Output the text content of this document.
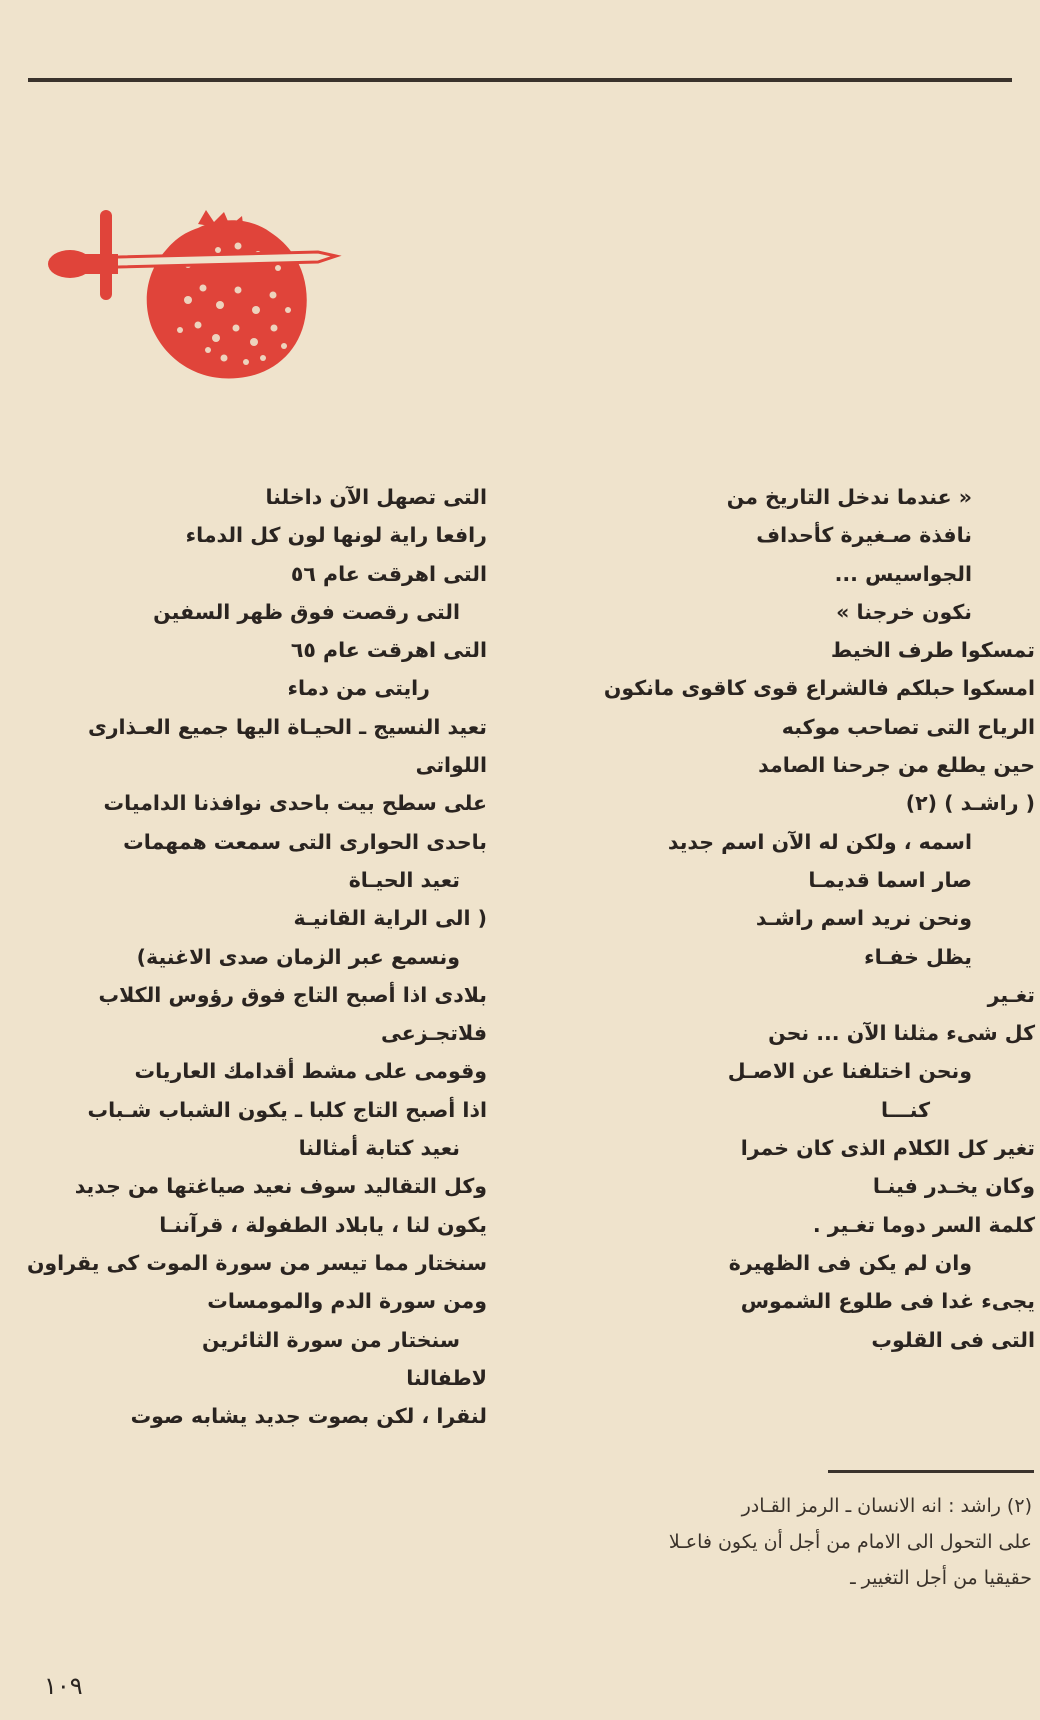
« عندما ندخل التاريخ من
نافذة صـغيرة كأحداف
الجواسيس ...
نكون خرجنا »
تمسكوا طرف الخيط
امسكوا حبلكم فالشراع قوى كاقوى مانكون
الرياح التى تصاحب موكبه
حين يطلع من جرحنا الصامد
( راشـد ) (٢)
اسمه ، ولكن له الآن اسم جديد
صار اسما قديمـا
ونحن نريد اسم راشـد
يظل خفـاء
تغـير
كل شىء مثلنا الآن ... نحن
ونحن اختلفنا عن الاصـل
كنـــا
تغير كل الكلام الذى كان خمرا
وكان يخـدر فينـا
كلمة السر دوما تغـير .
وان لم يكن فى الظهيرة
يجىء غدا فى طلوع الشموس
التى فى القلوب
التى تصهل الآن داخلنا
رافعا راية لونها لون كل الدماء
التى اهرقت عام ٥٦
التى رقصت فوق ظهر السفين
التى اهرقت عام ٦٥
رايتى من دماء
تعيد النسيج ـ الحيـاة اليها جميع العـذارى
اللواتى
على سطح بيت باحدى نوافذنا الداميات
باحدى الحوارى التى سمعت همهمات
تعيد الحيـاة
( الى الراية القانيـة
ونسمع عبر الزمان صدى الاغنية)
بلادى اذا أصبح التاج فوق رؤوس الكلاب
فلاتجـزعى
وقومى على مشط أقدامك العاريات
اذا أصبح التاج كلبا ـ يكون الشباب شـباب
نعيد كتابة أمثالنا
وكل التقاليد سوف نعيد صياغتها من جديد
يكون لنا ، يابلاد الطفولة ، قرآننـا
سنختار مما تيسر من سورة الموت كى يقراون
ومن سورة الدم والمومسات
سنختار من سورة الثائرين
لاطفالنا
لنقرا ، لكن بصوت جديد يشابه صوت
(٢) راشد : انه الانسان ـ الرمز القـادر
على التحول الى الامام من أجل أن يكون فاعـلا
حقيقيا من أجل التغيير ـ
١٠٩
